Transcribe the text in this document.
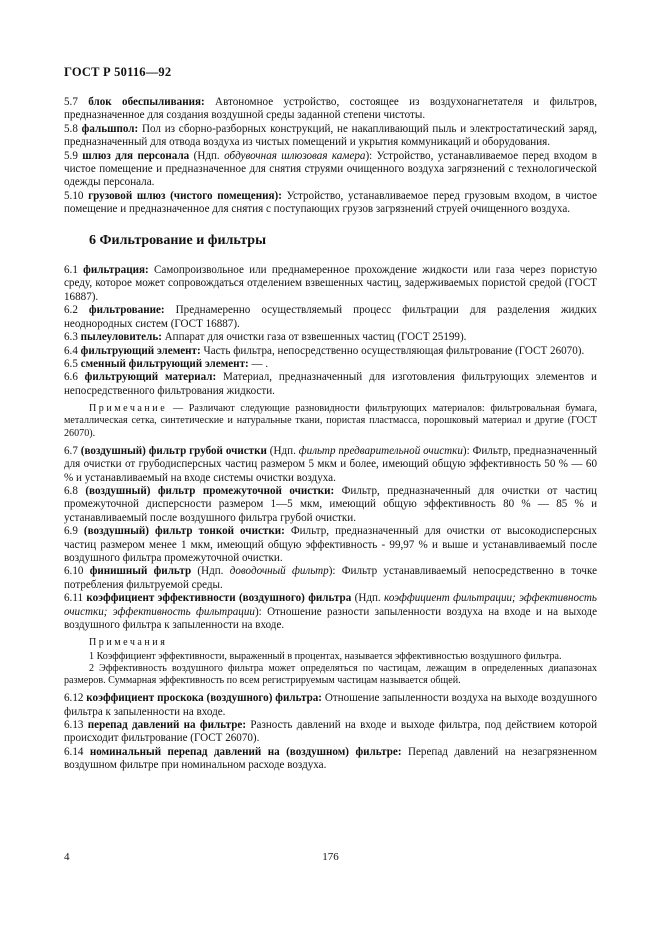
ГОСТ Р 50116—92

5.7 блок обеспыливания: Автономное устройство, состоящее из воздухонагнетателя и фильтров, предназначенное для создания воздушной среды заданной степени чистоты.

5.8 фальшпол: Пол из сборно-разборных конструкций, не накапливающий пыль и электростатический заряд, предназначенный для отвода воздуха из чистых помещений и укрытия коммуникаций и оборудования.

5.9 шлюз для персонала (Ндп. обдувочная шлюзовая камера): Устройство, устанавливаемое перед входом в чистое помещение и предназначенное для снятия струями очищенного воздуха загрязнений с технологической одежды персонала.

5.10 грузовой шлюз (чистого помещения): Устройство, устанавливаемое перед грузовым входом, в чистое помещение и предназначенное для снятия с поступающих грузов загрязнений струей очищенного воздуха.

6 Фильтрование и фильтры

6.1 фильтрация: Самопроизвольное или преднамеренное прохождение жидкости или газа через пористую среду, которое может сопровождаться отделением взвешенных частиц, задерживаемых пористой средой (ГОСТ 16887).

6.2 фильтрование: Преднамеренно осуществляемый процесс фильтрации для разделения жидких неоднородных систем (ГОСТ 16887).

6.3 пылеуловитель: Аппарат для очистки газа от взвешенных частиц (ГОСТ 25199).

6.4 фильтрующий элемент: Часть фильтра, непосредственно осуществляющая фильтрование (ГОСТ 26070).

6.5 сменный фильтрующий элемент: — .

6.6 фильтрующий материал: Материал, предназначенный для изготовления фильтрующих элементов и непосредственного фильтрования жидкости.

Примечание — Различают следующие разновидности фильтрующих материалов: фильтровальная бумага, металлическая сетка, синтетические и натуральные ткани, пористая пластмасса, порошковый материал и другие (ГОСТ 26070).

6.7 (воздушный) фильтр грубой очистки (Ндп. фильтр предварительной очистки): Фильтр, предназначенный для очистки от грубодисперсных частиц размером 5 мкм и более, имеющий общую эффективность 50 % — 60 % и устанавливаемый на входе системы очистки воздуха.

6.8 (воздушный) фильтр промежуточной очистки: Фильтр, предназначенный для очистки от частиц промежуточной дисперсности размером 1—5 мкм, имеющий общую эффективность 80 % — 85 % и устанавливаемый после воздушного фильтра грубой очистки.

6.9 (воздушный) фильтр тонкой очистки: Фильтр, предназначенный для очистки от высокодисперсных частиц размером менее 1 мкм, имеющий общую эффективность - 99,97 % и выше и устанавливаемый после воздушного фильтра промежуточной очистки.

6.10 финишный фильтр (Ндп. доводочный фильтр): Фильтр устанавливаемый непосредственно в точке потребления фильтруемой среды.

6.11 коэффициент эффективности (воздушного) фильтра (Ндп. коэффициент фильтрации; эффективность очистки; эффективность фильтрации): Отношение разности запыленности воздуха на входе и на выходе воздушного фильтра к запыленности на входе.

Примечания

1 Коэффициент эффективности, выраженный в процентах, называется эффективностью воздушного фильтра.

2 Эффективность воздушного фильтра может определяться по частицам, лежащим в определенных диапазонах размеров. Суммарная эффективность по всем регистрируемым частицам называется общей.

6.12 коэффициент проскока (воздушного) фильтра: Отношение запыленности воздуха на выходе воздушного фильтра к запыленности на входе.

6.13 перепад давлений на фильтре: Разность давлений на входе и выходе фильтра, под действием которой происходит фильтрование (ГОСТ 26070).

6.14 номинальный перепад давлений на (воздушном) фильтре: Перепад давлений на незагрязненном воздушном фильтре при номинальном расходе воздуха.

4	176
